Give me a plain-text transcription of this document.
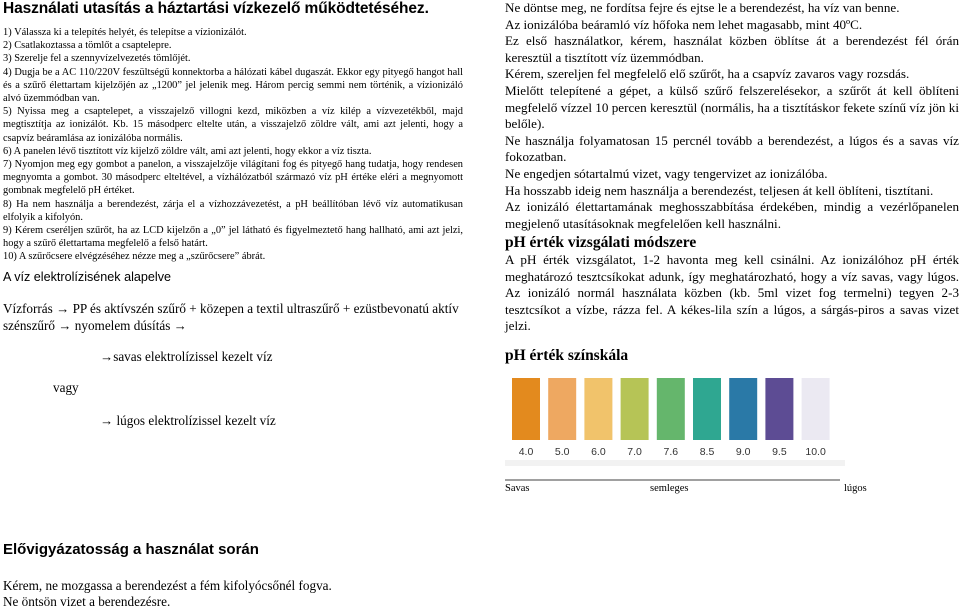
Használati utasítás a háztartási vízkezelő működtetéséhez.

1) Válassza ki a telepítés helyét, és telepítse a vízionizálót.

2) Csatlakoztassa a tömlőt a csaptelepre.

3) Szerelje fel a szennyvízelvezetés tömlőjét.

4) Dugja be a AC 110/220V feszültségű konnektorba a hálózati kábel dugaszát. Ekkor egy pityegő hangot hall és a szűrő élettartam kijelzőjén az „1200” jel jelenik meg. Három percig semmi nem történik, a vízionizáló alvó üzemmódban van.

5) Nyissa meg a csaptelepet, a visszajelző villogni kezd, miközben a víz kilép a vízvezetékből, majd megtisztítja az ionizálót. Kb. 15 másodperc eltelte után, a visszajelző zöldre vált, ami azt jelenti, hogy a csapvíz beáramlása az ionizálóba normális.

6) A panelen lévő tisztított víz kijelző zöldre vált, ami azt jelenti, hogy ekkor a víz tiszta.

7) Nyomjon meg egy gombot a panelon, a visszajelzője világítani fog és pityegő hang tudatja, hogy rendesen megnyomta a gombot. 30 másodperc elteltével, a vízhálózatból származó víz pH értéke eléri a megnyomott gombnak megfelelő pH értéket.

8) Ha nem használja a berendezést, zárja el a vízhozzávezetést, a pH beállítóban lévő víz automatikusan elfolyik a kifolyón.

9) Kérem cseréljen szűrőt, ha az LCD kijelzőn a „0” jel látható és figyelmeztető hang hallható, ami azt jelzi, hogy a szűrő élettartama megfelelő a felső határt.

10) A szűrőcsere elvégzéséhez nézze meg a „szűrőcsere” ábrát.

A víz elektrolízisének alapelve
Vízforrás → PP és aktívszén szűrő + közepen a textil ultraszűrő + ezüstbevonatú aktív szénszűrő → nyomelem dúsítás →
→savas elektrolízissel kezelt víz
vagy
→ lúgos elektrolízissel kezelt víz

Ne döntse meg, ne fordítsa fejre és ejtse le a berendezést, ha víz van benne.

Az ionizálóba beáramló víz hőfoka nem lehet magasabb, mint 40ºC.

Ez első használatkor, kérem, használat közben öblítse át a berendezést fél órán keresztül a tisztított víz üzemmódban.

Kérem, szereljen fel megfelelő elő szűrőt, ha a csapvíz zavaros vagy rozsdás.

Mielőtt telepítené a gépet, a külső szűrő felszerelésekor, a szűrőt át kell öblíteni megfelelő vízzel 10 percen keresztül (normális, ha a tisztításkor fekete színű víz jön ki belőle).

Ne használja folyamatosan 15 percnél tovább a berendezést, a lúgos és a savas víz fokozatban.

Ne engedjen sótartalmú vizet, vagy tengervizet az ionizálóba.

Ha hosszabb ideig nem használja a berendezést, teljesen át kell öblíteni, tisztítani.

Az ionizáló élettartamának meghosszabbítása érdekében, mindig a vezérlőpanelen megjelenő utasításoknak megfelelően kell használni.

pH érték vizsgálati módszere
A pH érték vizsgálatot, 1-2 havonta meg kell csinálni. Az ionizálóhoz pH érték meghatározó tesztcsíkokat adunk, így meghatározható, hogy a víz savas, vagy lúgos. Az ionizáló normál használata közben (kb. 5ml vizet fog termelni) tegyen 2-3 tesztcsíkot a vízbe, rázza fel. A kékes-lila szín a lúgos, a sárgás-piros a savas vizet jelzi.
pH érték színskála
4.0 5.0 6.0 7.0 7.6 8.5 9.0 9.5 10.0
Savas	semleges	lúgos
Elővigyázatosság a használat során

Kérem, ne mozgassa a berendezést a fém kifolyócsőnél fogva.

Ne öntsön vizet a berendezésre.
